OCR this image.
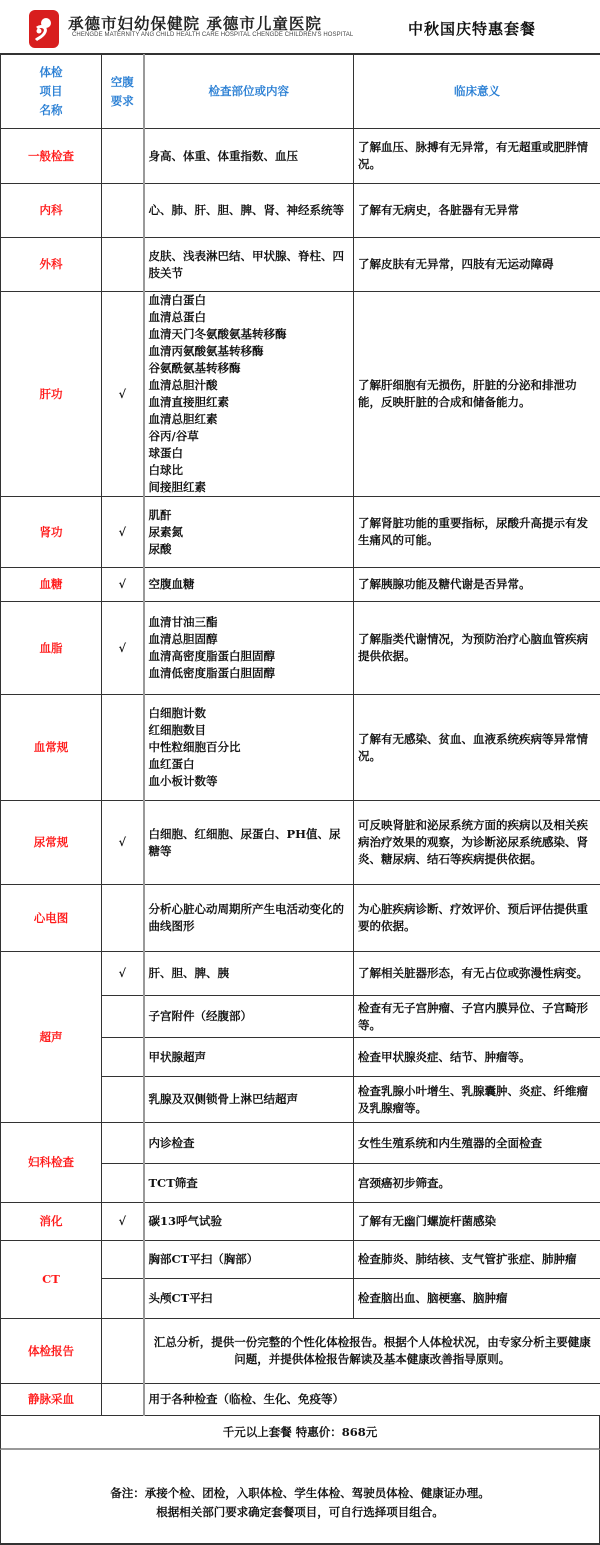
承德市妇幼保健院 承德市儿童医院
CHENGDE MATERNITY ANG CHILD HEALTH CARE HOSPITAL CHENGDE CHILDREN'S HOSPITAL	中秋国庆特惠套餐
体检
项目
名称	空腹
要求	检查部位或内容	临床意义
一般检查		身高、体重、体重指数、血压	了解血压、脉搏有无异常，有无超重或肥胖情况。
内科		心、肺、肝、胆、脾、肾、神经系统等	了解有无病史，各脏器有无异常
外科		皮肤、浅表淋巴结、甲状腺、脊柱、四肢关节	了解皮肤有无异常，四肢有无运动障碍
肝功	√	
血清白蛋白
血清总蛋白
血清天门冬氨酸氨基转移酶
血清丙氨酸氨基转移酶
谷氨酰氨基转移酶
血清总胆汁酸
血清直接胆红素
血清总胆红素
谷丙/谷草
球蛋白
白球比
间接胆红素
	了解肝细胞有无损伤，肝脏的分泌和排泄功能，反映肝脏的合成和储备能力。
肾功	√	肌酐
尿素氮
尿酸	了解肾脏功能的重要指标，尿酸升高提示有发生痛风的可能。
血糖	√	空腹血糖	了解胰腺功能及糖代谢是否异常。
血脂	√	血清甘油三酯
血清总胆固醇
血清高密度脂蛋白胆固醇
血清低密度脂蛋白胆固醇	了解脂类代谢情况，为预防治疗心脑血管疾病提供依据。
血常规		白细胞计数
红细胞数目
中性粒细胞百分比
血红蛋白
血小板计数等	了解有无感染、贫血、血液系统疾病等异常情况。
尿常规	√	白细胞、红细胞、尿蛋白、PH值、尿糖等	可反映肾脏和泌尿系统方面的疾病以及相关疾病治疗效果的观察，为诊断泌尿系统感染、肾炎、糖尿病、结石等疾病提供依据。
心电图		分析心脏心动周期所产生电活动变化的曲线图形	为心脏疾病诊断、疗效评价、预后评估提供重要的依据。
超声	√	肝、胆、脾、胰	了解相关脏器形态，有无占位或弥漫性病变。
		子宫附件（经腹部）	检查有无子宫肿瘤、子宫内膜异位、子宫畸形等。
		甲状腺超声	检查甲状腺炎症、结节、肿瘤等。
		乳腺及双侧锁骨上淋巴结超声	检查乳腺小叶增生、乳腺囊肿、炎症、纤维瘤及乳腺瘤等。
妇科检查		内诊检查	女性生殖系统和内生殖器的全面检查
		TCT筛查	宫颈癌初步筛查。
消化	√	碳13呼气试验	了解有无幽门螺旋杆菌感染
CT		胸部CT平扫（胸部）	检查肺炎、肺结核、支气管扩张症、肺肿瘤
		头颅CT平扫	检查脑出血、脑梗塞、脑肿瘤
体检报告		汇总分析，提供一份完整的个性化体检报告。根据个人体检状况，由专家分析主要健康问题，并提供体检报告解读及基本健康改善指导原则。	
静脉采血		用于各种检查（临检、生化、免疫等）	
千元以上套餐 特惠价：868元
备注：承接个检、团检，入职体检、学生体检、驾驶员体检、健康证办理。
根据相关部门要求确定套餐项目，可自行选择项目组合。
